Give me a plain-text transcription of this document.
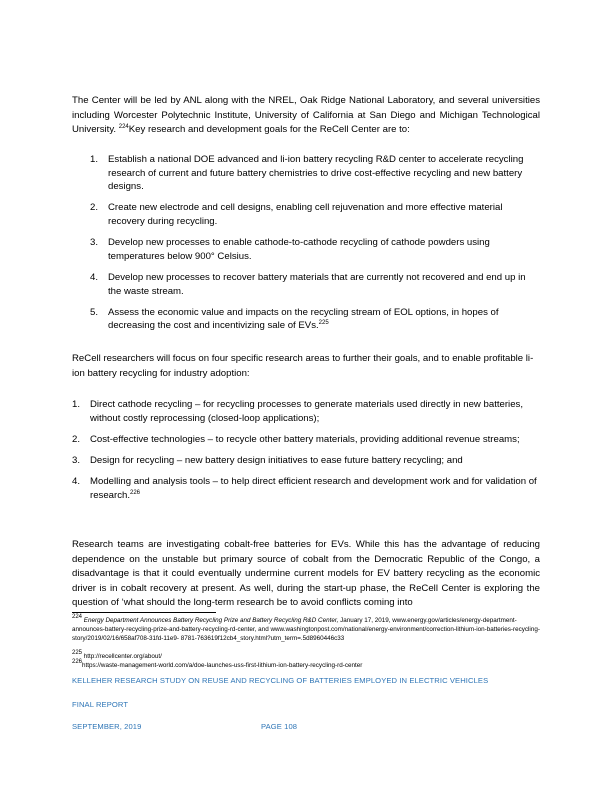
The Center will be led by ANL along with the NREL, Oak Ridge National Laboratory, and several universities including Worcester Polytechnic Institute, University of California at San Diego and Michigan Technological University. $^{224}$Key research and development goals for the ReCell Center are to:

1. Establish a national DOE advanced and li-ion battery recycling R&D center to accelerate recycling research of current and future battery chemistries to drive cost-effective recycling and new battery designs.
2. Create new electrode and cell designs, enabling cell rejuvenation and more effective material recovery during recycling.
3. Develop new processes to enable cathode-to-cathode recycling of cathode powders using temperatures below 900° Celsius.
4. Develop new processes to recover battery materials that are currently not recovered and end up in the waste stream.
5. Assess the economic value and impacts on the recycling stream of EOL options, in hopes of decreasing the cost and incentivizing sale of EVs.$^{225}$

ReCell researchers will focus on four specific research areas to further their goals, and to enable profitable li-ion battery recycling for industry adoption:

1. Direct cathode recycling – for recycling processes to generate materials used directly in new batteries, without costly reprocessing (closed-loop applications);
2. Cost-effective technologies – to recycle other battery materials, providing additional revenue streams;
3. Design for recycling – new battery design initiatives to ease future battery recycling; and
4. Modelling and analysis tools – to help direct efficient research and development work and for validation of research.$^{226}$

Research teams are investigating cobalt-free batteries for EVs. While this has the advantage of reducing dependence on the unstable but primary source of cobalt from the Democratic Republic of the Congo, a disadvantage is that it could eventually undermine current models for EV battery recycling as the economic driver is in cobalt recovery at present. As well, during the start-up phase, the ReCell Center is exploring the question of ‘what should the long-term research be to avoid conflicts coming into

$^{224}$ Energy Department Announces Battery Recycling Prize and Battery Recycling R&D Center, January 17, 2019, www.energy.gov/articles/energy-department-announces-battery-recycling-prize-and-battery-recycling-rd-center, and www.washingtonpost.com/national/energy-environment/correction-lithium-ion-batteries-recycling-story/2019/02/16/658af708-31fd-11e9- 8781-763619f12cb4_story.html?utm_term=.5d8960446c33
$^{225}$ http://recellcenter.org/about/
$^{226}$https://waste-management-world.com/a/doe-launches-uss-first-lithium-ion-battery-recycling-rd-center
KELLEHER RESEARCH STUDY ON REUSE AND RECYCLING OF BATTERIES EMPLOYED IN ELECTRIC VEHICLES
FINAL REPORT
SEPTEMBER, 2019	PAGE 108
